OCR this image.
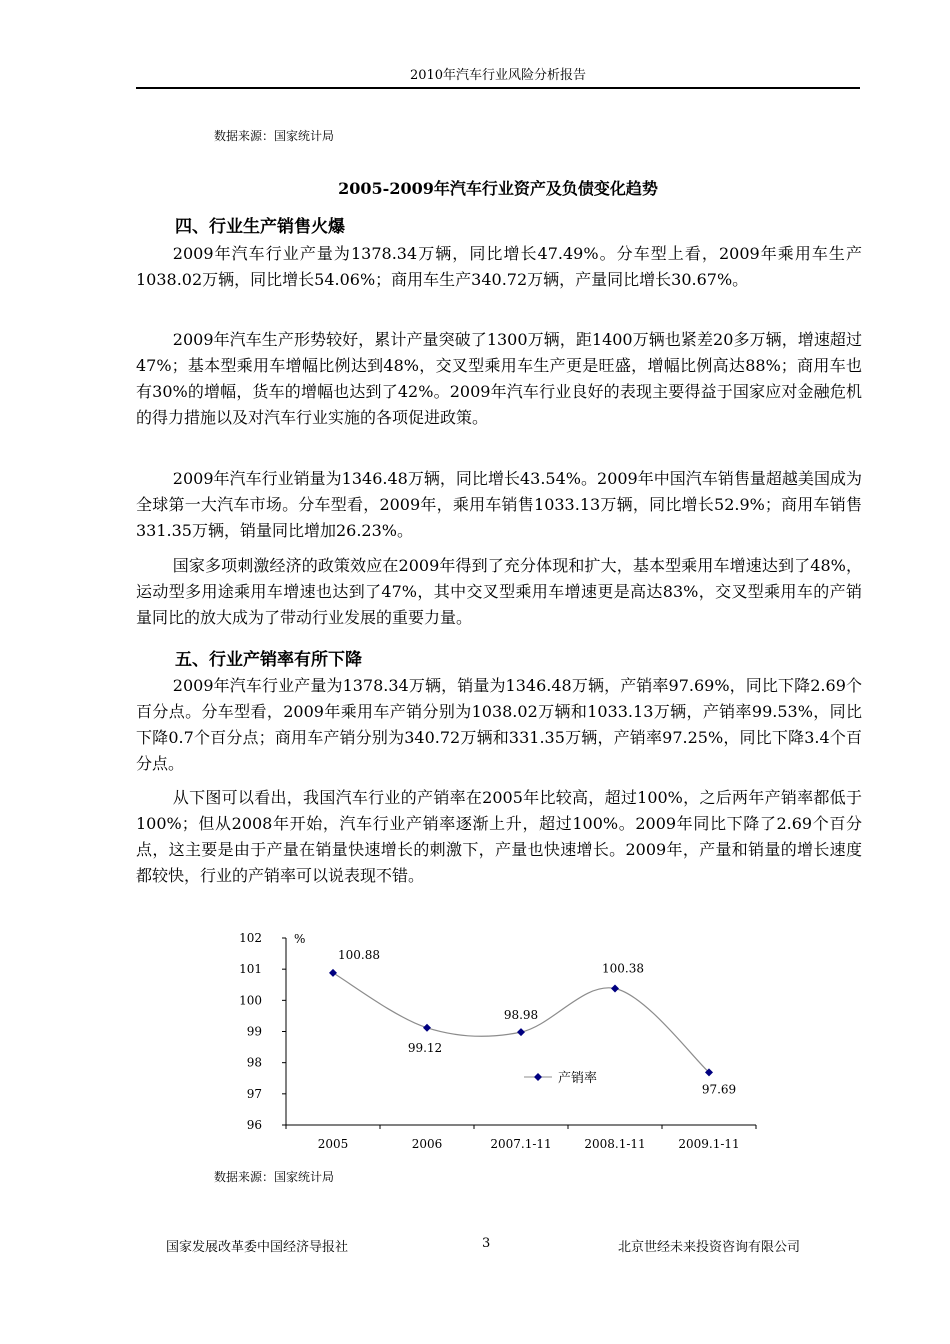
2010年汽车行业风险分析报告
数据来源：国家统计局
2005-2009年汽车行业资产及负债变化趋势
四、行业生产销售火爆

2009年汽车行业产量为1378.34万辆，同比增长47.49%。分车型上看，2009年乘用车生产1038.02万辆，同比增长54.06%；商用车生产340.72万辆，产量同比增长30.67%。

2009年汽车生产形势较好，累计产量突破了1300万辆，距1400万辆也紧差20多万辆，增速超过47%；基本型乘用车增幅比例达到48%，交叉型乘用车生产更是旺盛，增幅比例高达88%；商用车也有30%的增幅，货车的增幅也达到了42%。2009年汽车行业良好的表现主要得益于国家应对金融危机的得力措施以及对汽车行业实施的各项促进政策。

2009年汽车行业销量为1346.48万辆，同比增长43.54%。2009年中国汽车销售量超越美国成为全球第一大汽车市场。分车型看，2009年，乘用车销售1033.13万辆，同比增长52.9%；商用车销售331.35万辆，销量同比增加26.23%。

国家多项刺激经济的政策效应在2009年得到了充分体现和扩大，基本型乘用车增速达到了48%，运动型多用途乘用车增速也达到了47%，其中交叉型乘用车增速更是高达83%，交叉型乘用车的产销量同比的放大成为了带动行业发展的重要力量。

五、行业产销率有所下降

2009年汽车行业产量为1378.34万辆，销量为1346.48万辆，产销率97.69%，同比下降2.69个百分点。分车型看，2009年乘用车产销分别为1038.02万辆和1033.13万辆，产销率99.53%，同比下降0.7个百分点；商用车产销分别为340.72万辆和331.35万辆，产销率97.25%，同比下降3.4个百分点。

从下图可以看出，我国汽车行业的产销率在2005年比较高，超过100%，之后两年产销率都低于100%；但从2008年开始，汽车行业产销率逐渐上升，超过100%。2009年同比下降了2.69个百分点，这主要是由于产量在销量快速增长的刺激下，产量也快速增长。2009年，产量和销量的增长速度都较快，行业的产销率可以说表现不错。

96
97
98
99
100
101
102	%
100.88
99.12
98.98
100.38
97.69
2005	2006	2007.1-11	2008.1-11	2009.1-11
产销率
数据来源：国家统计局
国家发展改革委中国经济导报社	3	北京世经未来投资咨询有限公司
